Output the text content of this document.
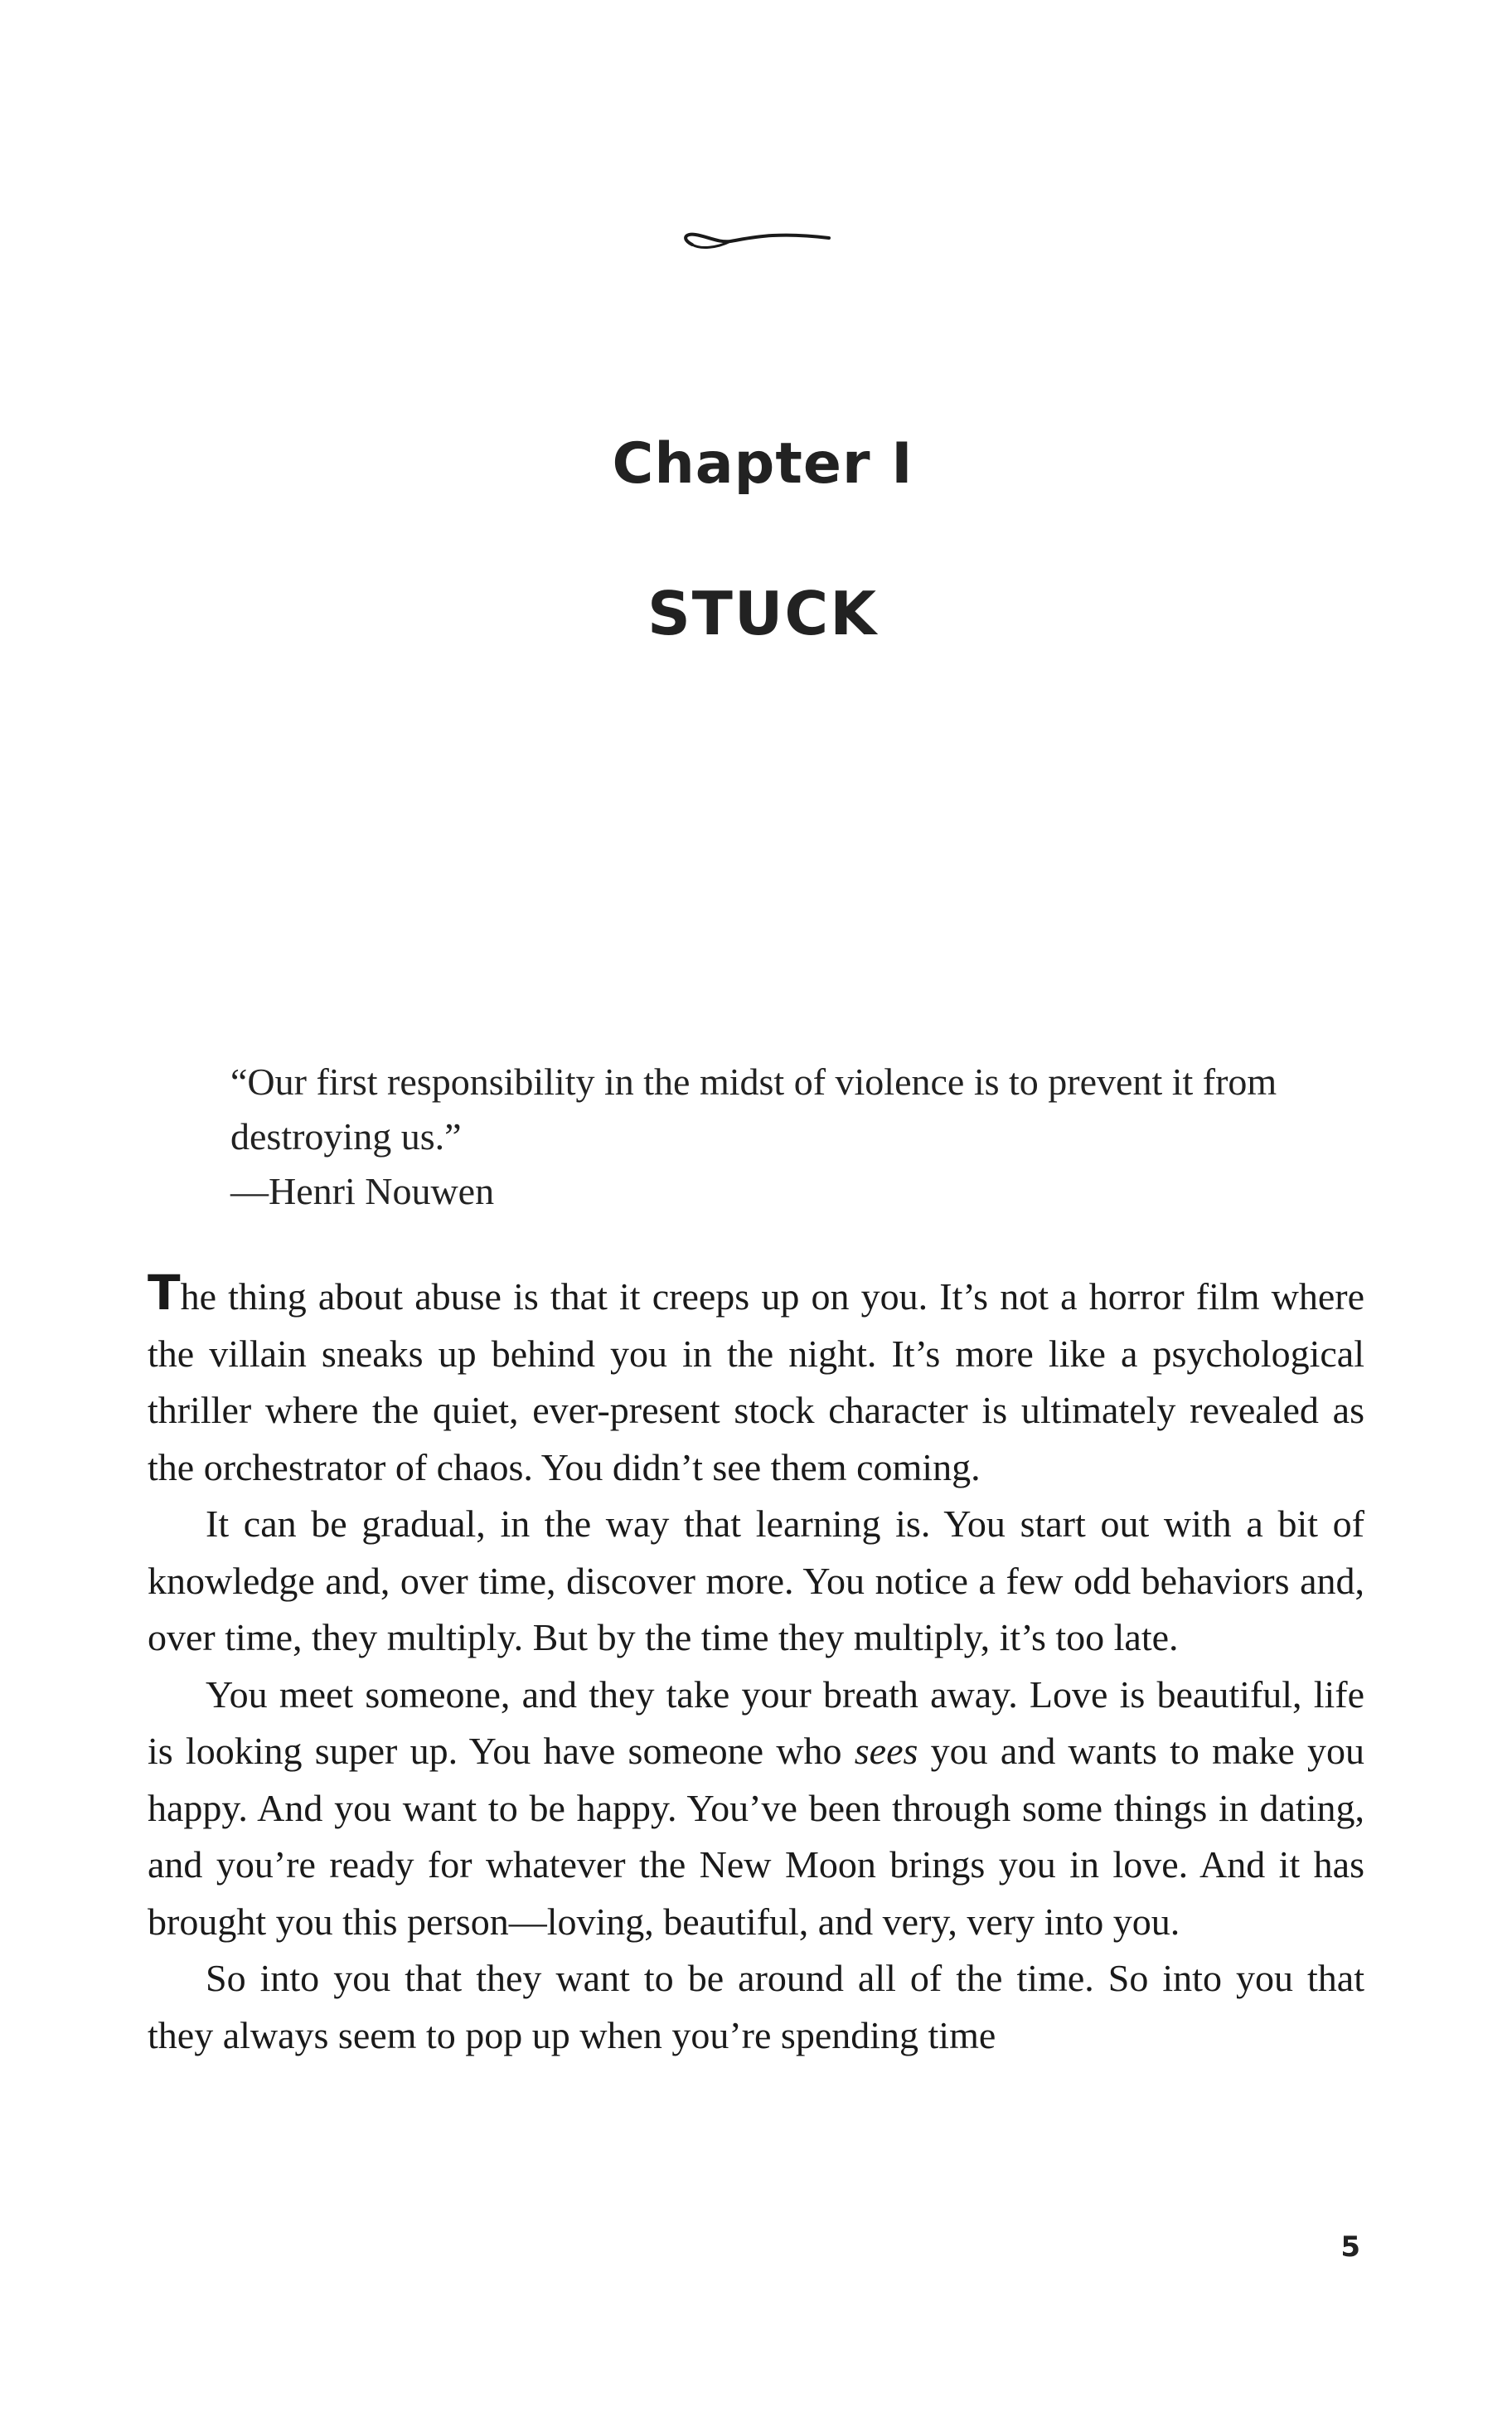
Chapter I
STUCK

“Our first responsibility in the midst of violence is to prevent it from destroying us.”

—Henri Nouwen

The thing about abuse is that it creeps up on you. It’s not a horror film where the villain sneaks up behind you in the night. It’s more like a psychological thriller where the quiet, ever-present stock character is ultimately revealed as the orchestrator of chaos. You didn’t see them coming.

It can be gradual, in the way that learning is. You start out with a bit of knowledge and, over time, discover more. You notice a few odd behaviors and, over time, they multiply. But by the time they multiply, it’s too late.

You meet someone, and they take your breath away. Love is beautiful, life is looking super up. You have someone who sees you and wants to make you happy. And you want to be happy. You’ve been through some things in dating, and you’re ready for whatever the New Moon brings you in love. And it has brought you this person—loving, beautiful, and very, very into you.

So into you that they want to be around all of the time. So into you that they always seem to pop up when you’re spending time

5
